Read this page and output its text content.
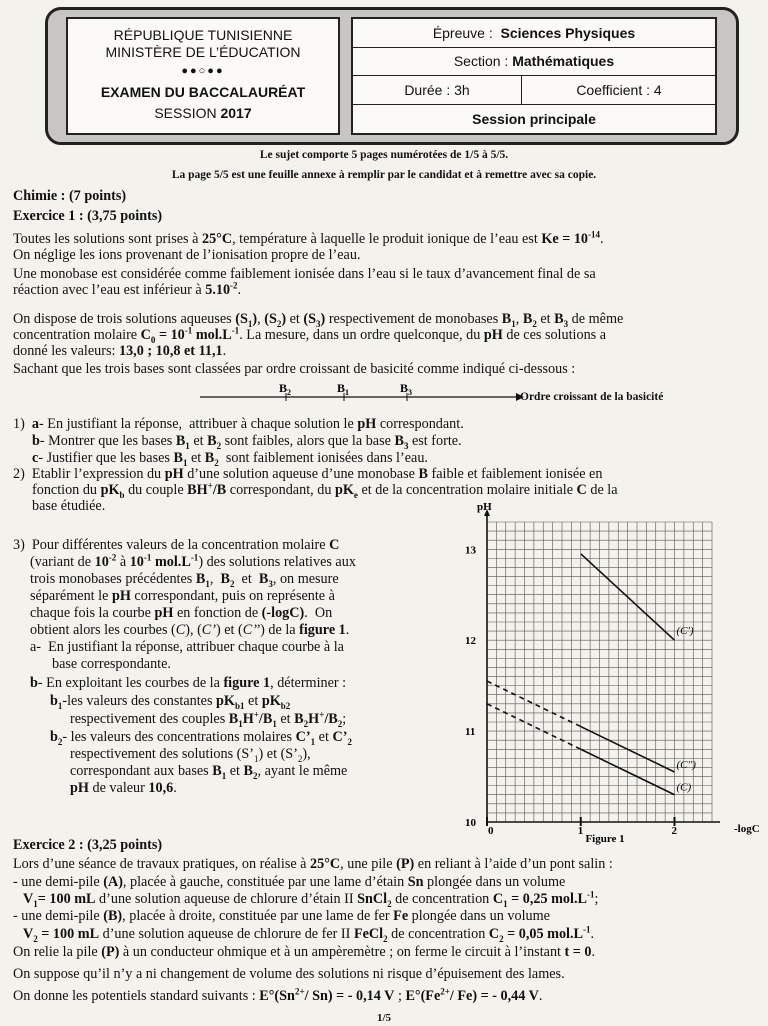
RÉPUBLIQUE TUNISIENNE
MINISTÈRE DE L’ÉDUCATION
●●○●●
EXAMEN DU BACCALAURÉAT
SESSION 2017
Épreuve :
Sciences Physiques
Section :
Mathématiques
Durée : 3h	Coefficient : 4
Session principale
Le sujet comporte 5 pages numérotées de 1/5 à 5/5.
La page 5/5 est une feuille annexe à remplir par le candidat et à remettre avec sa copie.
Chimie : (7 points)
Exercice 1 : (3,75 points)
Toutes les solutions sont prises à 25°C, température à laquelle le produit ionique de l’eau est $Ke = 10^{-14}$.
On néglige les ions provenant de l’ionisation propre de l’eau.
Une monobase est considérée comme faiblement ionisée dans l’eau si le taux d’avancement final de sa
réaction avec l’eau est inférieur à $5.10^{-2}$.
On dispose de trois solutions aqueuses $(S_1)$, $(S_2)$ et $(S_3)$ respectivement de monobases $B_1$, $B_2$ et $B_3$ de même
concentration molaire $C_0 = 10^{-1}$ $mol.L^{-1}$. La mesure, dans un ordre quelconque, du pH de ces solutions a
donné les valeurs: 13,0 ; 10,8 et 11,1.
Sachant que les trois bases sont classées par ordre croissant de basicité comme indiqué ci-dessous :
$B_2$	$B_1$	$B_3$	Ordre croissant de la basicité
1)  a- En justifiant la réponse,  attribuer à chaque solution le pH correspondant.
b- Montrer que les bases $B_1$ et $B_2$ sont faibles, alors que la base $B_3$ est forte.
c- Justifier que les bases $B_1$ et $B_2$  sont faiblement ionisées dans l’eau.
2)  Etablir l’expression du pH d’une solution aqueuse d’une monobase B faible et faiblement ionisée en
fonction du $pK_b$ du couple BH+/B correspondant, du $pK_e$ et de la concentration molaire initiale C de la
base étudiée.
3)  Pour différentes valeurs de la concentration molaire C
(variant de $10^{-2}$ à $10^{-1}$ $mol.L^{-1}$) des solutions relatives aux
trois monobases précédentes $B_1$,  $B_2$  et  $B_3$, on mesure
séparément le pH correspondant, puis on représente à
chaque fois la courbe pH en fonction de (-logC).  On
obtient alors les courbes (C), (C’) et (C’’) de la figure 1.
a-  En justifiant la réponse, attribuer chaque courbe à la
base correspondante.
b- En exploitant les courbes de la figure 1, déterminer :
$b_1$-les valeurs des constantes $pK_{b1}$ et $pK_{b2}$
respectivement des couples $B_1H^+/B_1$ et $B_2H^+/B_2$;
$b_2-$ les valeurs des concentrations molaires $C’_1$ et $C’_2$
respectivement des solutions $(S’_1)$ et $(S’_2)$,
correspondant aux bases $B_1$ et $B_2$, ayant le même
pH de valeur 10,6.
0	1	2
10
11
12
13
pH
-logC
Figure 1
(C')
(C'')
(C)
Exercice 2 : (3,25 points)
Lors d’une séance de travaux pratiques, on réalise à 25°C, une pile (P) en reliant à l’aide d’un pont salin :
- une demi-pile (A), placée à gauche, constituée par une lame d’étain Sn plongée dans un volume
$V_1= 100$ mL d’une solution aqueuse de chlorure d’étain II SnCl$_2$ de concentration $C_1 = 0,25$ $mol.L^{-1}$;
- une demi-pile (B), placée à droite, constituée par une lame de fer Fe plongée dans un volume
$V_2 = 100$ mL d’une solution aqueuse de chlorure de fer II FeCl$_2$ de concentration $C_2 = 0,05$ $mol.L^{-1}$.
On relie la pile (P) à un conducteur ohmique et à un ampèremètre ; on ferme le circuit à l’instant t = 0.
On suppose qu’il n’y a ni changement de volume des solutions ni risque d’épuisement des lames.
On donne les potentiels standard suivants : $E^\circ(Sn^{2+}/$ Sn) = - 0,14 V ; $E^\circ(Fe^{2+}/$ Fe) = - 0,44 V.
1/5
